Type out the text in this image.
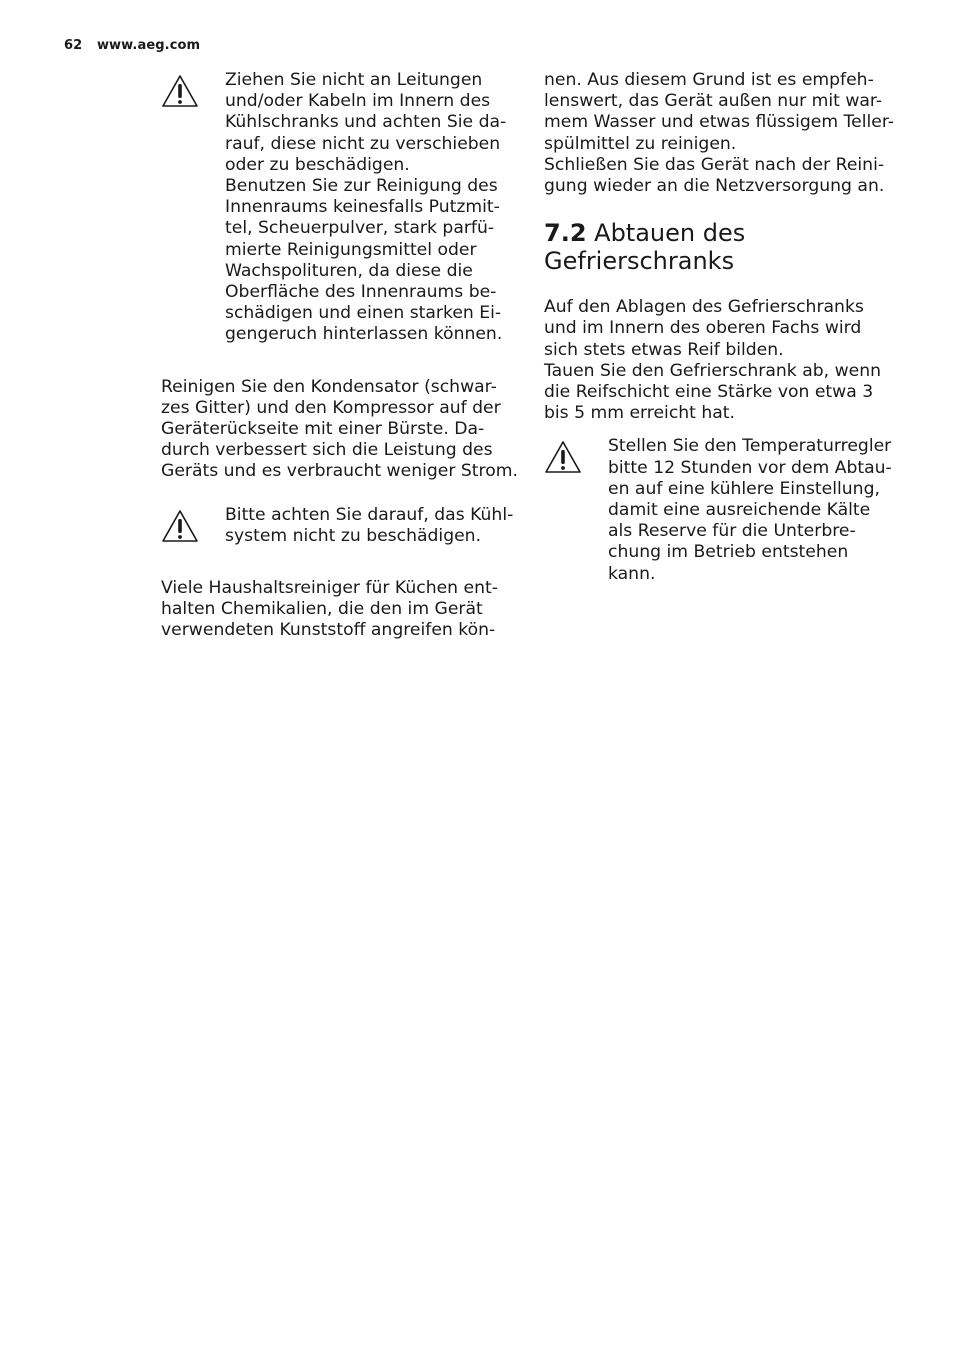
62 www.aeg.com
Ziehen Sie nicht an Leitungen
und/oder Kabeln im Innern des
Kühlschranks und achten Sie da-
rauf, diese nicht zu verschieben
oder zu beschädigen.
Benutzen Sie zur Reinigung des
Innenraums keinesfalls Putzmit-
tel, Scheuerpulver, stark parfü-
mierte Reinigungsmittel oder
Wachspolituren, da diese die
Oberfläche des Innenraums be-
schädigen und einen starken Ei-
gengeruch hinterlassen können.
Reinigen Sie den Kondensator (schwar-
zes Gitter) und den Kompressor auf der
Geräterückseite mit einer Bürste. Da-
durch verbessert sich die Leistung des
Geräts und es verbraucht weniger Strom.
Bitte achten Sie darauf, das Kühl-
system nicht zu beschädigen.
Viele Haushaltsreiniger für Küchen ent-
halten Chemikalien, die den im Gerät
verwendeten Kunststoff angreifen kön-
nen. Aus diesem Grund ist es empfeh-
lenswert, das Gerät außen nur mit war-
mem Wasser und etwas flüssigem Teller-
spülmittel zu reinigen.
Schließen Sie das Gerät nach der Reini-
gung wieder an die Netzversorgung an.
7.2 Abtauen des
Gefrierschranks
Auf den Ablagen des Gefrierschranks
und im Innern des oberen Fachs wird
sich stets etwas Reif bilden.
Tauen Sie den Gefrierschrank ab, wenn
die Reifschicht eine Stärke von etwa 3
bis 5 mm erreicht hat.
Stellen Sie den Temperaturregler
bitte 12 Stunden vor dem Abtau-
en auf eine kühlere Einstellung,
damit eine ausreichende Kälte
als Reserve für die Unterbre-
chung im Betrieb entstehen
kann.
